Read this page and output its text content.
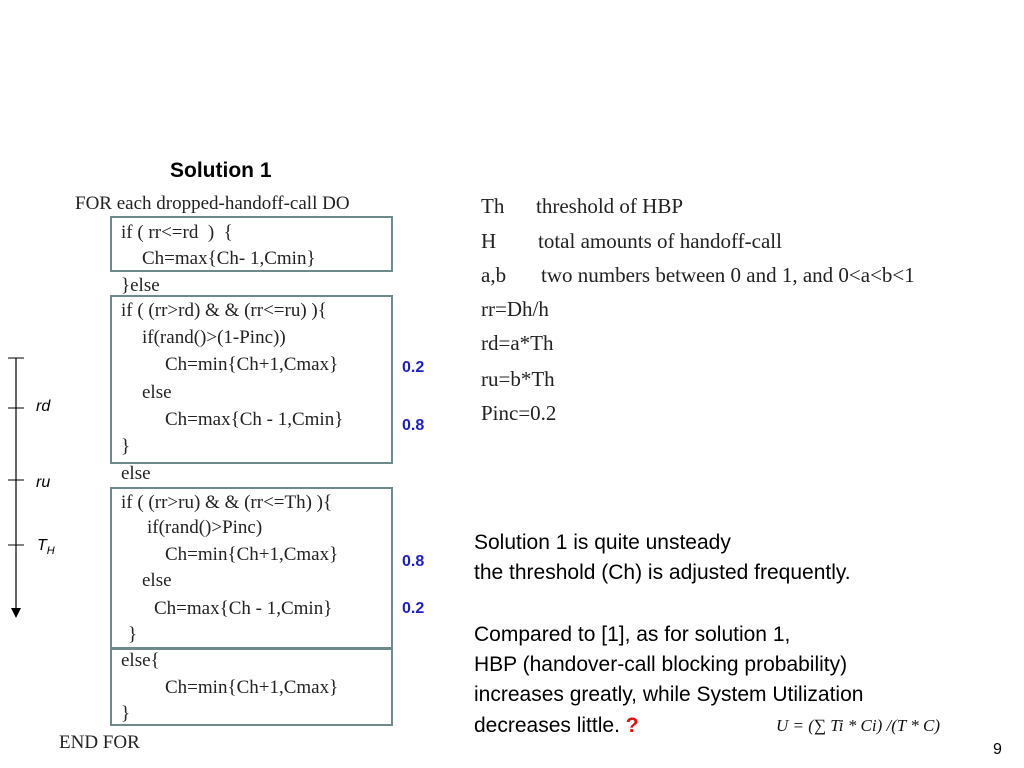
Solution 1
FOR each dropped-handoff-call DO
if ( rr<=rd  )  {
Ch=max{Ch- 1,Cmin}
}else
if ( (rr>rd) & & (rr<=ru) ){
if(rand()>(1-Pinc))
Ch=min{Ch+1,Cmax}
else
Ch=max{Ch - 1,Cmin}
}
else
if ( (rr>ru) & & (rr<=Th) ){
if(rand()>Pinc)
Ch=min{Ch+1,Cmax}
else
Ch=max{Ch - 1,Cmin}
}
else{
Ch=min{Ch+1,Cmax}
}
END FOR
0.2
0.8
0.8
0.2
rd
ru
$T_H$
Th threshold of HBP
H total amounts of handoff-call
a,b two numbers between 0 and 1, and 0<a<b<1
rr=Dh/h
rd=a*Th
ru=b*Th
Pinc=0.2
Solution 1 is quite unsteady
the threshold (Ch) is adjusted frequently.
Compared to [1], as for solution 1,
HBP (handover-call blocking probability)
increases greatly, while System Utilization
decreases little. ?	U = (∑ Ti * Ci) /(T * C)
9
